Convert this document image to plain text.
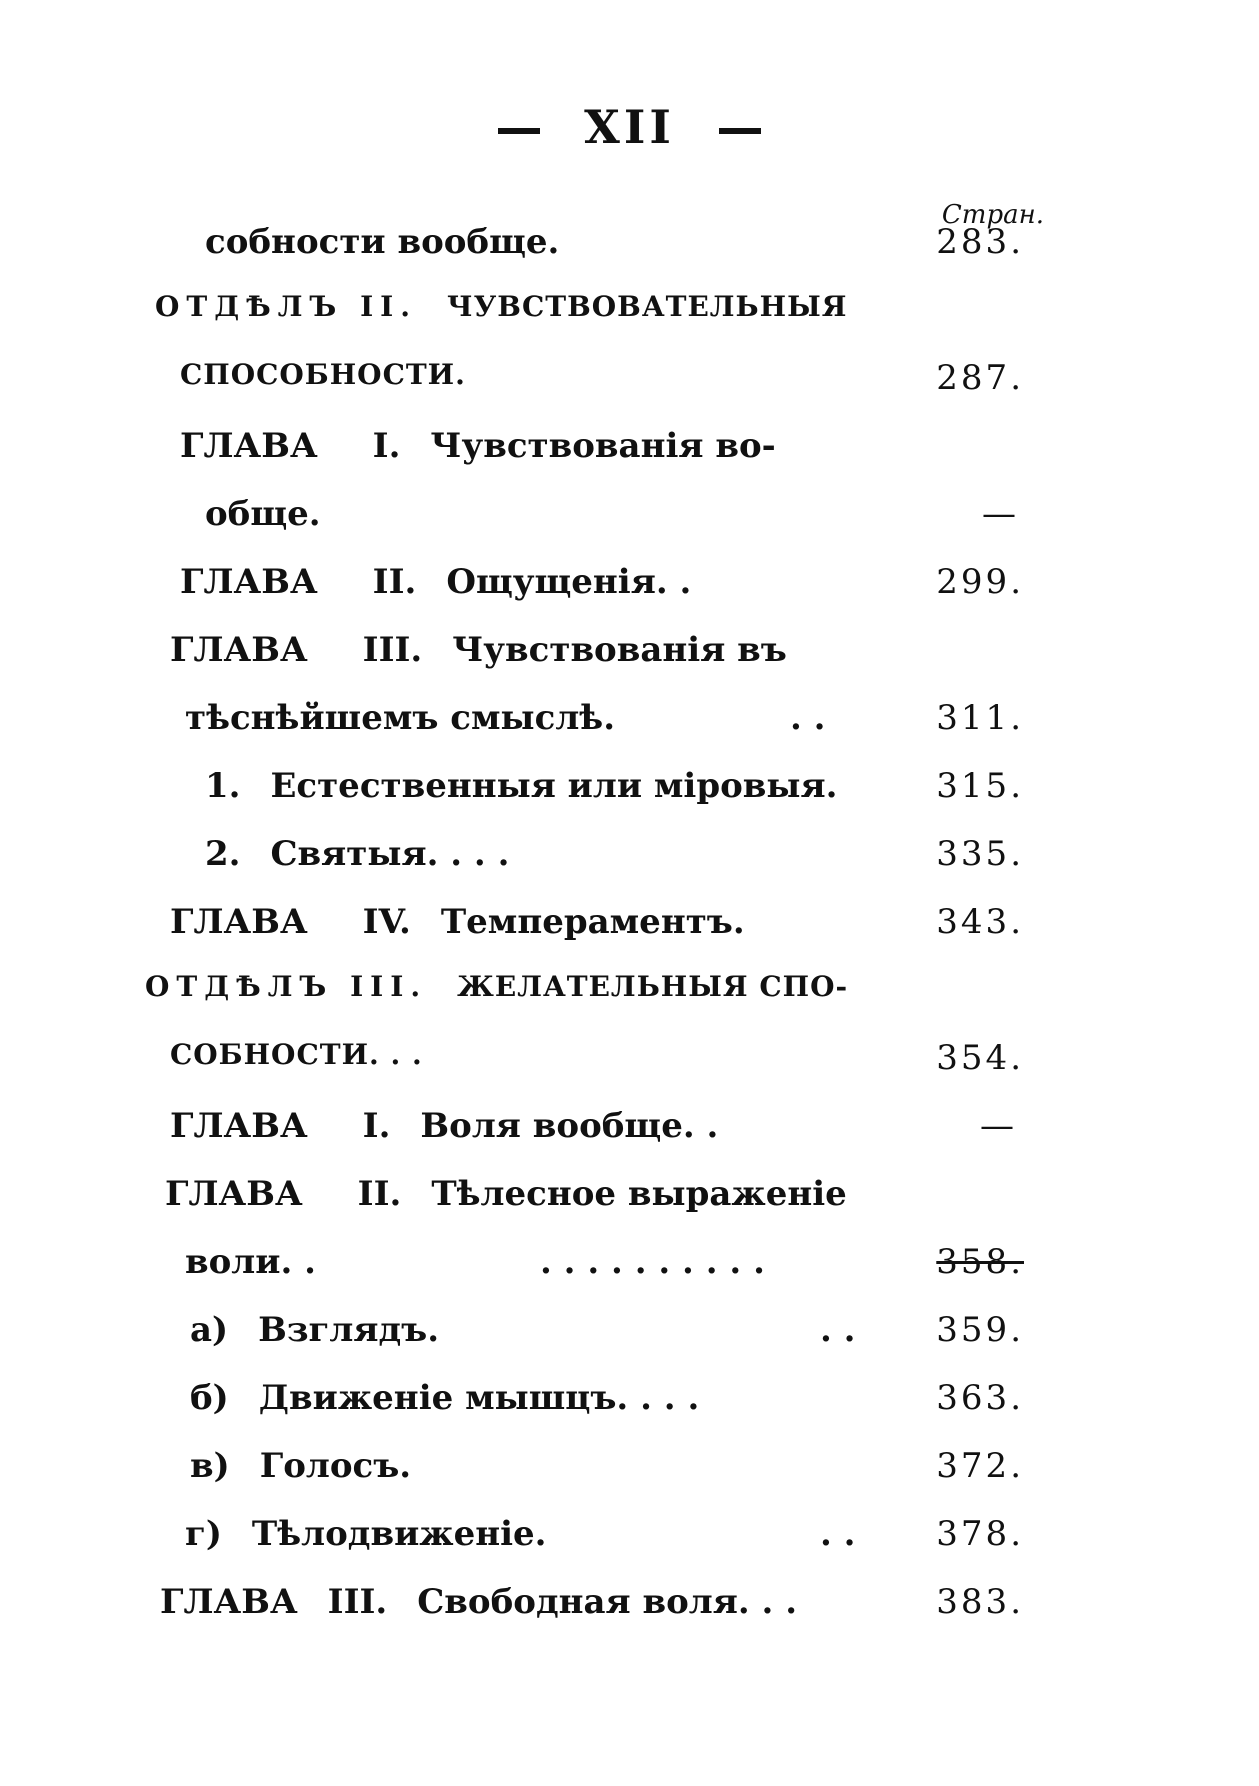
XII
Стран.
собности вообще.	283.
ОТДѢЛЪ II. ЧУВСТВОВАТЕЛЬНЫЯ
СПОСОБНОСТИ.	287.
ГЛАВА I. Чувствованія во-
обще.	—
ГЛАВА II. Ощущенія. .	299.
ГЛАВА III. Чувствованія въ
тѣснѣйшемъ смыслѣ.	. .	311.
1. Естественныя или міровыя.	315.
2. Святыя. . . .	335.
ГЛАВА IV. Темпераментъ.	343.
ОТДѢЛЪ III. ЖЕЛАТЕЛЬНЫЯ СПО-
СОБНОСТИ. . .	354.
ГЛАВА I. Воля вообще. .	—
ГЛАВА II. Тѣлесное выраженіе
воли. .	. . . . . . . . . .	358.
а) Взглядъ.	. . 359.
б) Движеніе мышцъ. . . .	363.
в) Голосъ.	372.
г) Тѣлодвиженіе.	. . 378.
ГЛАВА III. Свободная воля. . .	383.
